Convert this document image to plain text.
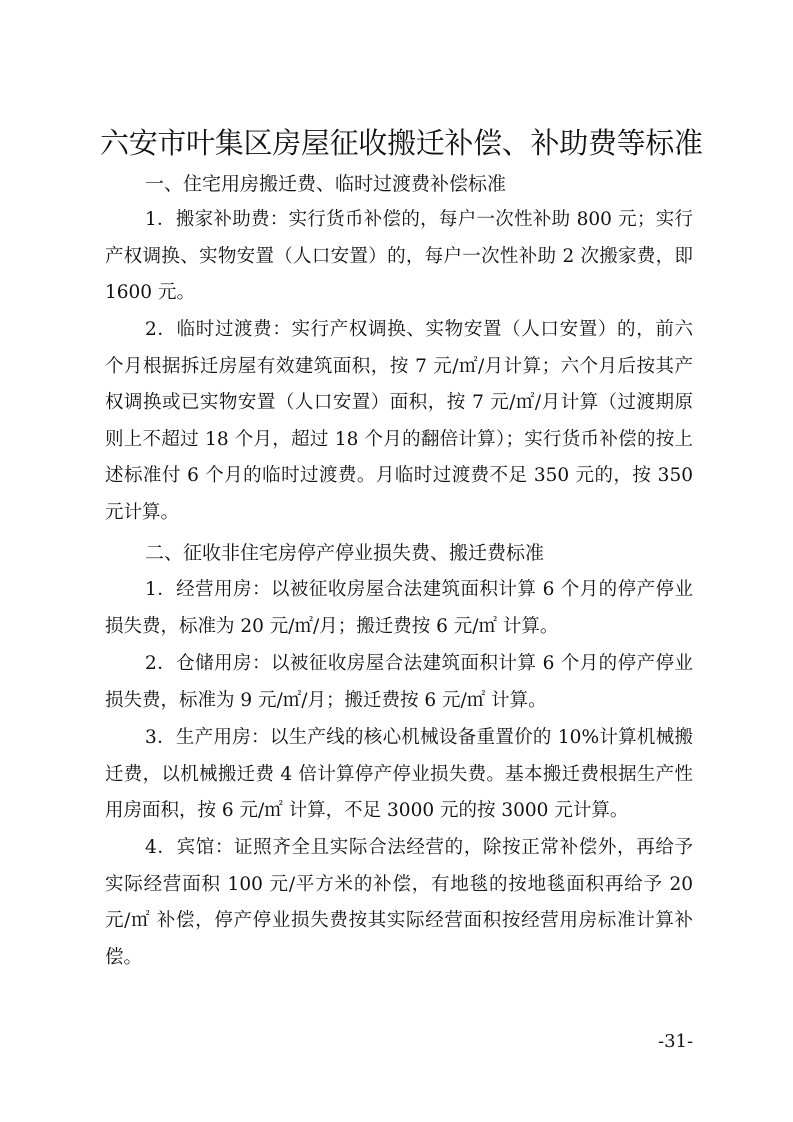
六安市叶集区房屋征收搬迁补偿、补助费等标准
一、住宅用房搬迁费、临时过渡费补偿标准
1．搬家补助费：实行货币补偿的，每户一次性补助 800 元；实行产权调换、实物安置（人口安置）的，每户一次性补助 2 次搬家费，即 1600 元。
2．临时过渡费：实行产权调换、实物安置（人口安置）的，前六个月根据拆迁房屋有效建筑面积，按 7 元/㎡/月计算；六个月后按其产权调换或已实物安置（人口安置）面积，按 7 元/㎡/月计算（过渡期原则上不超过 18 个月，超过 18 个月的翻倍计算）；实行货币补偿的按上述标准付 6 个月的临时过渡费。月临时过渡费不足 350 元的，按 350 元计算。
二、征收非住宅房停产停业损失费、搬迁费标准
1．经营用房：以被征收房屋合法建筑面积计算 6 个月的停产停业损失费，标准为 20 元/㎡/月；搬迁费按 6 元/㎡ 计算。
2．仓储用房：以被征收房屋合法建筑面积计算 6 个月的停产停业损失费，标准为 9 元/㎡/月；搬迁费按 6 元/㎡ 计算。
3．生产用房：以生产线的核心机械设备重置价的 10%计算机械搬迁费，以机械搬迁费 4 倍计算停产停业损失费。基本搬迁费根据生产性用房面积，按 6 元/㎡ 计算，不足 3000 元的按 3000 元计算。
4．宾馆：证照齐全且实际合法经营的，除按正常补偿外，再给予实际经营面积 100 元/平方米的补偿，有地毯的按地毯面积再给予 20 元/㎡ 补偿，停产停业损失费按其实际经营面积按经营用房标准计算补偿。
-31-
